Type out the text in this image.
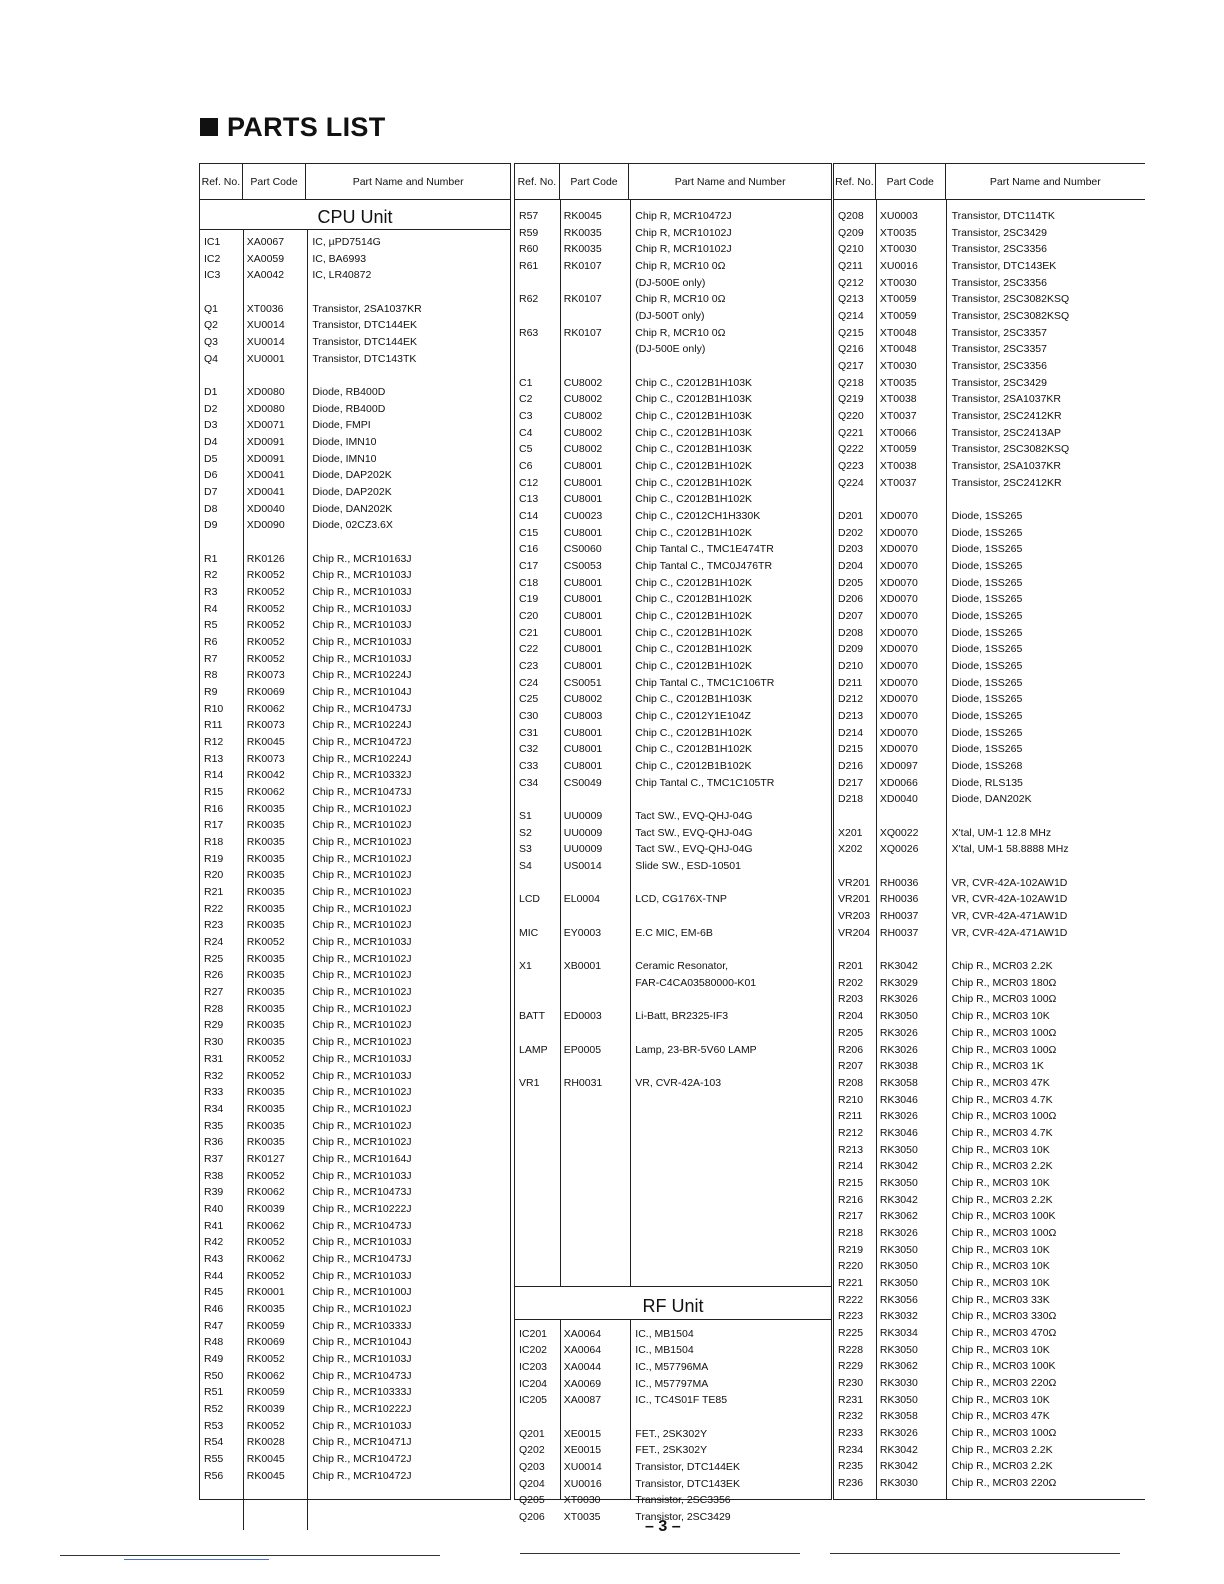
PARTS LIST
Ref. No. Part Code	Part Name and Number
CPU Unit
IC1	XA0067	IC, µPD7514G
IC2	XA0059	IC, BA6993
IC3	XA0042	IC, LR40872
Q1	XT0036	Transistor, 2SA1037KR
Q2	XU0014	Transistor, DTC144EK
Q3	XU0014	Transistor, DTC144EK
Q4	XU0001	Transistor, DTC143TK
D1	XD0080	Diode, RB400D
D2	XD0080	Diode, RB400D
D3	XD0071	Diode, FMPI
D4	XD0091	Diode, IMN10
D5	XD0091	Diode, IMN10
D6	XD0041	Diode, DAP202K
D7	XD0041	Diode, DAP202K
D8	XD0040	Diode, DAN202K
D9	XD0090	Diode, 02CZ3.6X
R1	RK0126	Chip R., MCR10163J
R2	RK0052	Chip R., MCR10103J
R3	RK0052	Chip R., MCR10103J
R4	RK0052	Chip R., MCR10103J
R5	RK0052	Chip R., MCR10103J
R6	RK0052	Chip R., MCR10103J
R7	RK0052	Chip R., MCR10103J
R8	RK0073	Chip R., MCR10224J
R9	RK0069	Chip R., MCR10104J
R10	RK0062	Chip R., MCR10473J
R11	RK0073	Chip R., MCR10224J
R12	RK0045	Chip R., MCR10472J
R13	RK0073	Chip R., MCR10224J
R14	RK0042	Chip R., MCR10332J
R15	RK0062	Chip R., MCR10473J
R16	RK0035	Chip R., MCR10102J
R17	RK0035	Chip R., MCR10102J
R18	RK0035	Chip R., MCR10102J
R19	RK0035	Chip R., MCR10102J
R20	RK0035	Chip R., MCR10102J
R21	RK0035	Chip R., MCR10102J
R22	RK0035	Chip R., MCR10102J
R23	RK0035	Chip R., MCR10102J
R24	RK0052	Chip R., MCR10103J
R25	RK0035	Chip R., MCR10102J
R26	RK0035	Chip R., MCR10102J
R27	RK0035	Chip R., MCR10102J
R28	RK0035	Chip R., MCR10102J
R29	RK0035	Chip R., MCR10102J
R30	RK0035	Chip R., MCR10102J
R31	RK0052	Chip R., MCR10103J
R32	RK0052	Chip R., MCR10103J
R33	RK0035	Chip R., MCR10102J
R34	RK0035	Chip R., MCR10102J
R35	RK0035	Chip R., MCR10102J
R36	RK0035	Chip R., MCR10102J
R37	RK0127	Chip R., MCR10164J
R38	RK0052	Chip R., MCR10103J
R39	RK0062	Chip R., MCR10473J
R40	RK0039	Chip R., MCR10222J
R41	RK0062	Chip R., MCR10473J
R42	RK0052	Chip R., MCR10103J
R43	RK0062	Chip R., MCR10473J
R44	RK0052	Chip R., MCR10103J
R45	RK0001	Chip R., MCR10100J
R46	RK0035	Chip R., MCR10102J
R47	RK0059	Chip R., MCR10333J
R48	RK0069	Chip R., MCR10104J
R49	RK0052	Chip R., MCR10103J
R50	RK0062	Chip R., MCR10473J
R51	RK0059	Chip R., MCR10333J
R52	RK0039	Chip R., MCR10222J
R53	RK0052	Chip R., MCR10103J
R54	RK0028	Chip R., MCR10471J
R55	RK0045	Chip R., MCR10472J
R56	RK0045	Chip R., MCR10472J
Ref. No.	Part Code	Part Name and Number
R57	RK0045	Chip R, MCR10472J
R59	RK0035	Chip R, MCR10102J
R60	RK0035	Chip R, MCR10102J
R61	RK0107	Chip R, MCR10 0Ω
(DJ-500E only)
R62	RK0107	Chip R, MCR10 0Ω
(DJ-500T only)
R63	RK0107	Chip R, MCR10 0Ω
(DJ-500E only)
C1	CU8002	Chip C., C2012B1H103K
C2	CU8002	Chip C., C2012B1H103K
C3	CU8002	Chip C., C2012B1H103K
C4	CU8002	Chip C., C2012B1H103K
C5	CU8002	Chip C., C2012B1H103K
C6	CU8001	Chip C., C2012B1H102K
C12	CU8001	Chip C., C2012B1H102K
C13	CU8001	Chip C., C2012B1H102K
C14	CU0023	Chip C., C2012CH1H330K
C15	CU8001	Chip C., C2012B1H102K
C16	CS0060	Chip Tantal C., TMC1E474TR
C17	CS0053	Chip Tantal C., TMC0J476TR
C18	CU8001	Chip C., C2012B1H102K
C19	CU8001	Chip C., C2012B1H102K
C20	CU8001	Chip C., C2012B1H102K
C21	CU8001	Chip C., C2012B1H102K
C22	CU8001	Chip C., C2012B1H102K
C23	CU8001	Chip C., C2012B1H102K
C24	CS0051	Chip Tantal C., TMC1C106TR
C25	CU8002	Chip C., C2012B1H103K
C30	CU8003	Chip C., C2012Y1E104Z
C31	CU8001	Chip C., C2012B1H102K
C32	CU8001	Chip C., C2012B1H102K
C33	CU8001	Chip C., C2012B1B102K
C34	CS0049	Chip Tantal C., TMC1C105TR
S1	UU0009	Tact SW., EVQ-QHJ-04G
S2	UU0009	Tact SW., EVQ-QHJ-04G
S3	UU0009	Tact SW., EVQ-QHJ-04G
S4	US0014	Slide SW., ESD-10501
LCD	EL0004	LCD, CG176X-TNP
MIC	EY0003	E.C MIC, EM-6B
X1	XB0001	Ceramic Resonator,
FAR-C4CA03580000-K01
BATT	ED0003	Li-Batt, BR2325-IF3
LAMP	EP0005	Lamp, 23-BR-5V60 LAMP
VR1	RH0031	VR, CVR-42A-103
IC201	XA0064	IC., MB1504
IC202	XA0064	IC., MB1504
IC203	XA0044	IC., M57796MA
IC204	XA0069	IC., M57797MA
IC205	XA0087	IC., TC4S01F TE85
Q201	XE0015	FET., 2SK302Y
Q202	XE0015	FET., 2SK302Y
Q203	XU0014	Transistor, DTC144EK
Q204	XU0016	Transistor, DTC143EK
Q205	XT0030	Transistor, 2SC3356
Q206	XT0035	Transistor, 2SC3429
RF Unit
Ref. No.	Part Code	Part Name and Number
Q208	XU0003	Transistor, DTC114TK
Q209	XT0035	Transistor, 2SC3429
Q210	XT0030	Transistor, 2SC3356
Q211	XU0016	Transistor, DTC143EK
Q212	XT0030	Transistor, 2SC3356
Q213	XT0059	Transistor, 2SC3082KSQ
Q214	XT0059	Transistor, 2SC3082KSQ
Q215	XT0048	Transistor, 2SC3357
Q216	XT0048	Transistor, 2SC3357
Q217	XT0030	Transistor, 2SC3356
Q218	XT0035	Transistor, 2SC3429
Q219	XT0038	Transistor, 2SA1037KR
Q220	XT0037	Transistor, 2SC2412KR
Q221	XT0066	Transistor, 2SC2413AP
Q222	XT0059	Transistor, 2SC3082KSQ
Q223	XT0038	Transistor, 2SA1037KR
Q224	XT0037	Transistor, 2SC2412KR
D201	XD0070	Diode, 1SS265
D202	XD0070	Diode, 1SS265
D203	XD0070	Diode, 1SS265
D204	XD0070	Diode, 1SS265
D205	XD0070	Diode, 1SS265
D206	XD0070	Diode, 1SS265
D207	XD0070	Diode, 1SS265
D208	XD0070	Diode, 1SS265
D209	XD0070	Diode, 1SS265
D210	XD0070	Diode, 1SS265
D211	XD0070	Diode, 1SS265
D212	XD0070	Diode, 1SS265
D213	XD0070	Diode, 1SS265
D214	XD0070	Diode, 1SS265
D215	XD0070	Diode, 1SS265
D216	XD0097	Diode, 1SS268
D217	XD0066	Diode, RLS135
D218	XD0040	Diode, DAN202K
X201	XQ0022	X'tal, UM-1 12.8 MHz
X202	XQ0026	X'tal, UM-1 58.8888 MHz
VR201 RH0036	VR, CVR-42A-102AW1D
VR201 RH0036	VR, CVR-42A-102AW1D
VR203 RH0037	VR, CVR-42A-471AW1D
VR204 RH0037	VR, CVR-42A-471AW1D
R201	RK3042	Chip R., MCR03 2.2K
R202	RK3029	Chip R., MCR03 180Ω
R203	RK3026	Chip R., MCR03 100Ω
R204	RK3050	Chip R., MCR03 10K
R205	RK3026	Chip R., MCR03 100Ω
R206	RK3026	Chip R., MCR03 100Ω
R207	RK3038	Chip R., MCR03 1K
R208	RK3058	Chip R., MCR03 47K
R210	RK3046	Chip R., MCR03 4.7K
R211	RK3026	Chip R., MCR03 100Ω
R212	RK3046	Chip R., MCR03 4.7K
R213	RK3050	Chip R., MCR03 10K
R214	RK3042	Chip R., MCR03 2.2K
R215	RK3050	Chip R., MCR03 10K
R216	RK3042	Chip R., MCR03 2.2K
R217	RK3062	Chip R., MCR03 100K
R218	RK3026	Chip R., MCR03 100Ω
R219	RK3050	Chip R., MCR03 10K
R220	RK3050	Chip R., MCR03 10K
R221	RK3050	Chip R., MCR03 10K
R222	RK3056	Chip R., MCR03 33K
R223	RK3032	Chip R., MCR03 330Ω
R225	RK3034	Chip R., MCR03 470Ω
R228	RK3050	Chip R., MCR03 10K
R229	RK3062	Chip R., MCR03 100K
R230	RK3030	Chip R., MCR03 220Ω
R231	RK3050	Chip R., MCR03 10K
R232	RK3058	Chip R., MCR03 47K
R233	RK3026	Chip R., MCR03 100Ω
R234	RK3042	Chip R., MCR03 2.2K
R235	RK3042	Chip R., MCR03 2.2K
R236	RK3030	Chip R., MCR03 220Ω
– 3 –
